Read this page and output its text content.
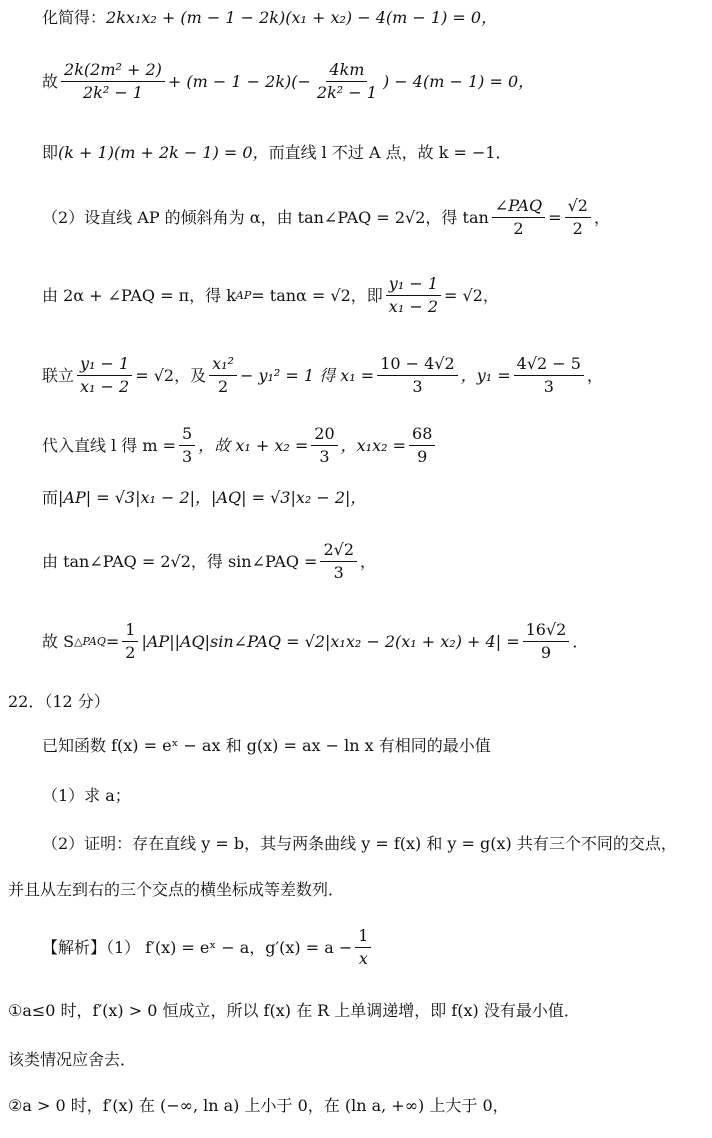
化简得： 2kx₁x₂ + (m − 1 − 2k)(x₁ + x₂) − 4(m − 1) = 0，
故 $\frac{\text{2k(2m² + 2)}}{\text{2k² − 1}} + (m - 1 - 2k)(- \frac{4km}{\text{2k² − 1}}$ ) − 4(m − 1) = 0，
即 (k + 1)(m + 2k − 1) = 0， 而直线 l 不过 A 点，故 k = −1．
（2）设直线 AP 的倾斜角为 α，由 tan∠PAQ = 2√2，得 $\tan \frac{\text{∠PAQ}}{2} = \frac{√2}{2}$ ，
由 2α + ∠PAQ = π，得 k AP = tanα = √2，即 $\frac{\text{y₁ − 1}}{\text{x₁ − 2}} = √2$，
联立 $\frac{\text{y₁ − 1}}{\text{x₁ − 2}} = √2$，及 $\frac{\text{x₁²}}{2} - y_1^2 = 1$ 得 $x_1 = \frac{10 - 4√2}{3}$ ，$y_1 = \frac{4√2 - 5}{3}$ ，
代入直线 l 得 $m = \frac{5}{3}$ ，故 $x_1 + x_2 = \frac{20}{3}$ ，$x_1x_2 = \frac{68}{9}$
而 |AP| = √3|x₁ − 2|，|AQ| = √3|x₂ − 2|，
由 tan∠PAQ = 2√2，得 sin∠PAQ = $\frac{2√2}{3}$ ，
故 S △PAQ = $\frac{1}{2}$ |AP||AQ|sin∠PAQ = $√2|x_1x_2 - 2(x_1 + x_2) + 4| = \frac{16√2}{9}$ ．
22．（12 分）
已知函数 f(x) = eˣ − ax 和 g(x) = ax − ln x 有相同的最小值
（1）求 a；
（2）证明：存在直线 y = b，其与两条曲线 y = f(x) 和 y = g(x) 共有三个不同的交点，
并且从左到右的三个交点的横坐标成等差数列．
【解析】（1） f′(x) = eˣ − a，$g'(x) = a - \frac{1}{x}$
①a≤0 时，f′(x) > 0 恒成立，所以 f(x) 在 R 上单调递增，即 f(x) 没有最小值．
该类情况应舍去．
②a > 0 时，f′(x) 在 (−∞, ln a) 上小于 0，在 (ln a, +∞) 上大于 0，
